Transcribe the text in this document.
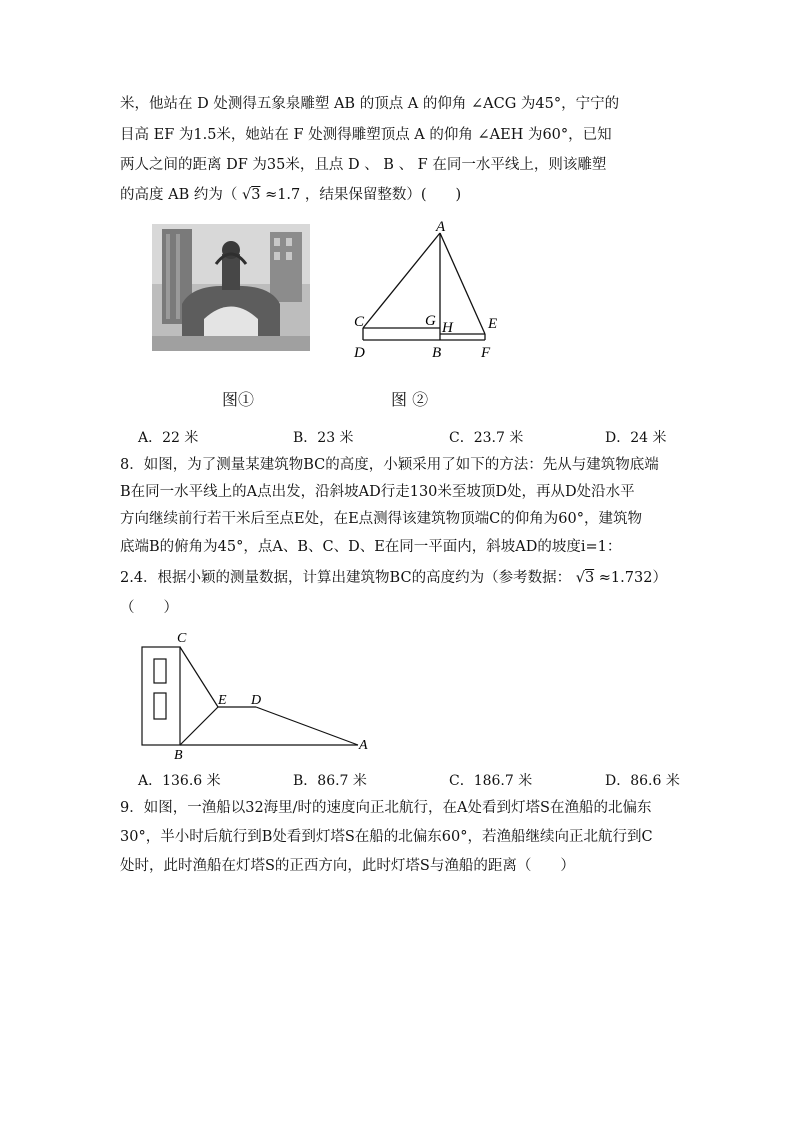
米，他站在 D 处测得五象泉雕塑 AB 的顶点 A 的仰角 ∠ACG 为45°，宁宁的
目高 EF 为1.5米，她站在 F 处测得雕塑顶点 A 的仰角 ∠AEH 为60°，已知
两人之间的距离 DF 为35米，且点 D 、 B 、 F 在同一水平线上，则该雕塑
的高度 AB 约为（ √3 ≈1.7 ，结果保留整数）(　　)
A
C	G H E
D	B	F
图①	图 ②
A．22 米	B．23 米	C．23.7 米	D．24 米
8．如图，为了测量某建筑物BC的高度，小颖采用了如下的方法：先从与建筑物底端
B在同一水平线上的A点出发，沿斜坡AD行走130米至坡顶D处，再从D处沿水平
方向继续前行若干米后至点E处，在E点测得该建筑物顶端C的仰角为60°，建筑物
底端B的俯角为45°，点A、B、C、D、E在同一平面内，斜坡AD的坡度i=1：
2.4．根据小颖的测量数据，计算出建筑物BC的高度约为（参考数据： √3 ≈1.732）
（　　）
C
E D
B
A
A．136.6 米	B．86.7 米	C．186.7 米	D．86.6 米
9．如图，一渔船以32海里/时的速度向正北航行，在A处看到灯塔S在渔船的北偏东
30°，半小时后航行到B处看到灯塔S在船的北偏东60°，若渔船继续向正北航行到C
处时，此时渔船在灯塔S的正西方向，此时灯塔S与渔船的距离（　　）
